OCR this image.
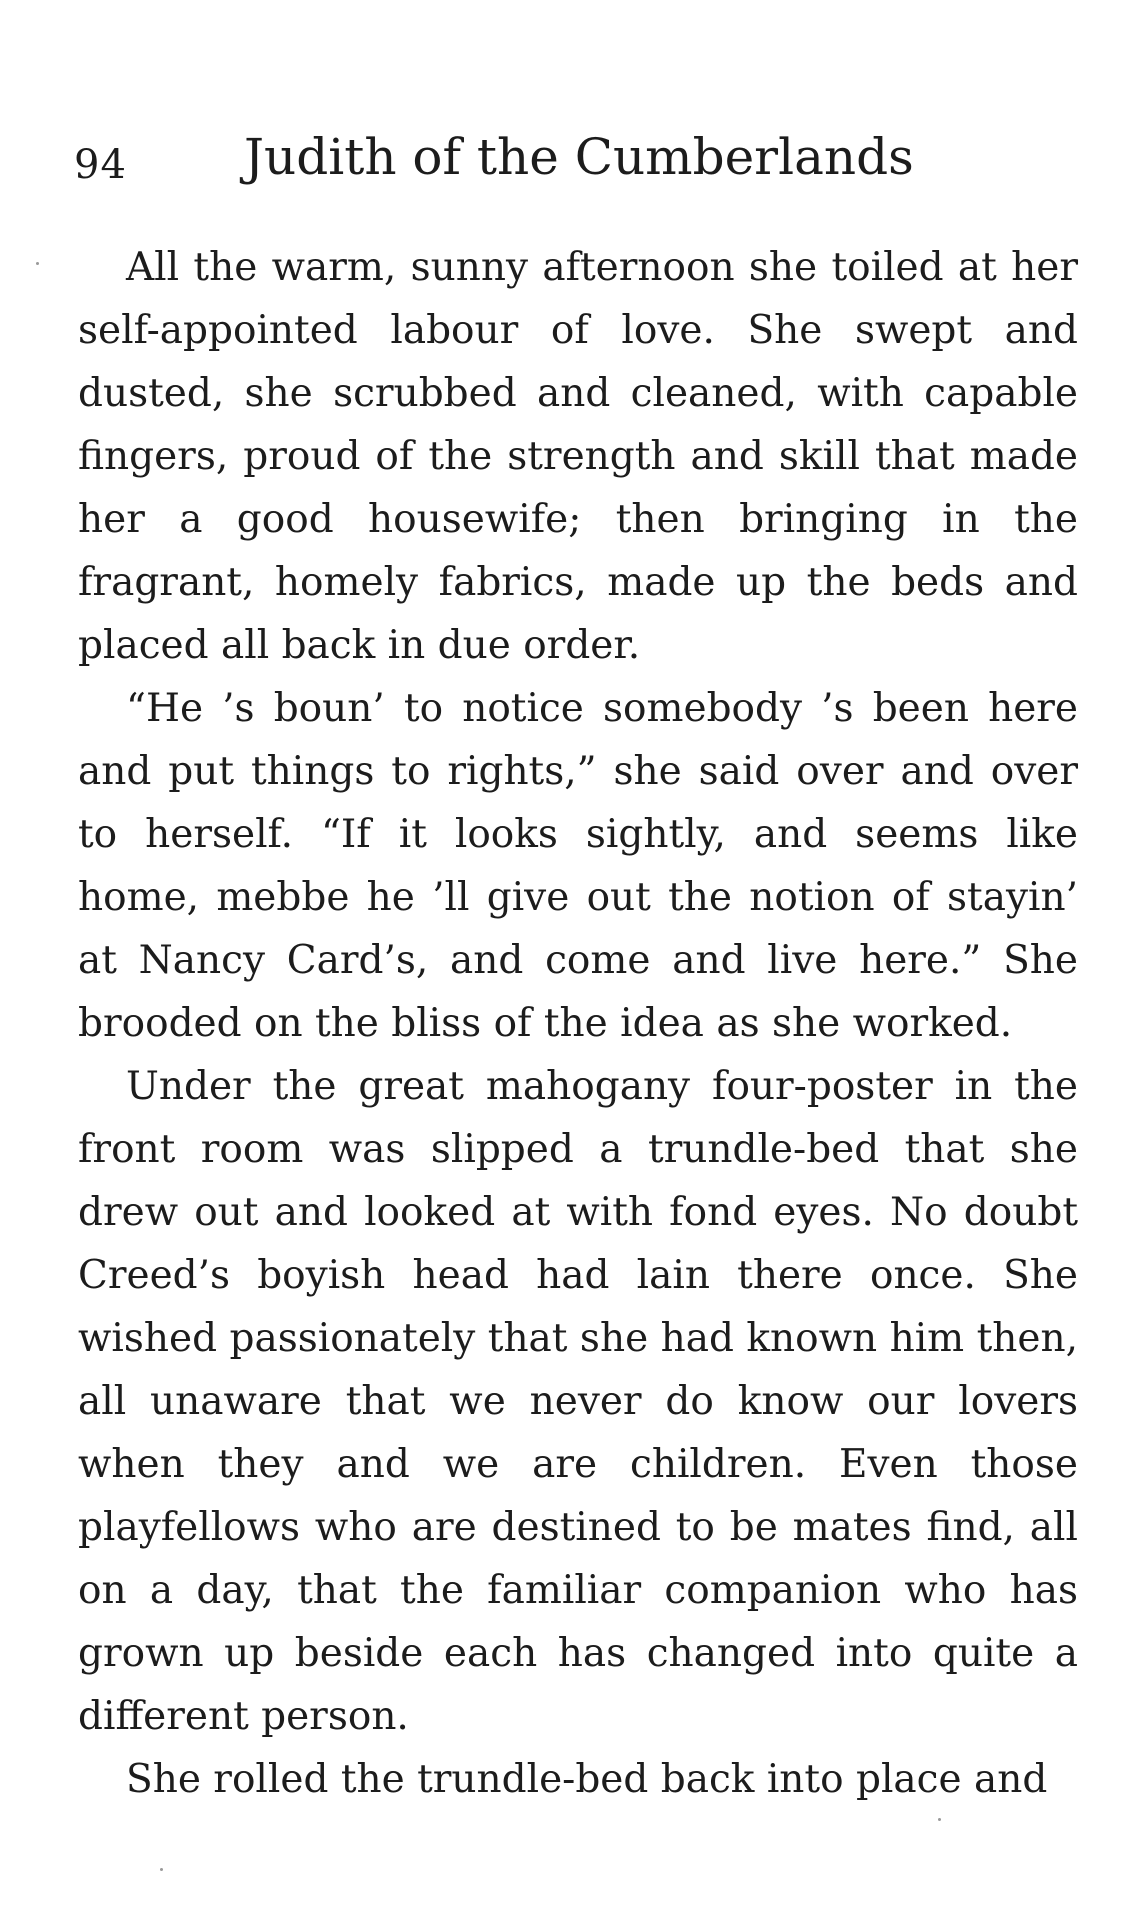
94 Judith of the Cumberlands

All the warm, sunny afternoon she toiled at her self-appointed labour of love. She swept and dusted, she scrubbed and cleaned, with capable fingers, proud of the strength and skill that made her a good housewife; then bringing in the fragrant, homely fabrics, made up the beds and placed all back in due order.

“He ’s boun’ to notice somebody ’s been here and put things to rights,” she said over and over to herself. “If it looks sightly, and seems like home, mebbe he ’ll give out the notion of stayin’ at Nancy Card’s, and come and live here.” She brooded on the bliss of the idea as she worked.

Under the great mahogany four-poster in the front room was slipped a trundle-bed that she drew out and looked at with fond eyes. No doubt Creed’s boyish head had lain there once. She wished passionately that she had known him then, all unaware that we never do know our lovers when they and we are children. Even those playfellows who are destined to be mates find, all on a day, that the familiar companion who has grown up beside each has changed into quite a different person.

She rolled the trundle-bed back into place and
